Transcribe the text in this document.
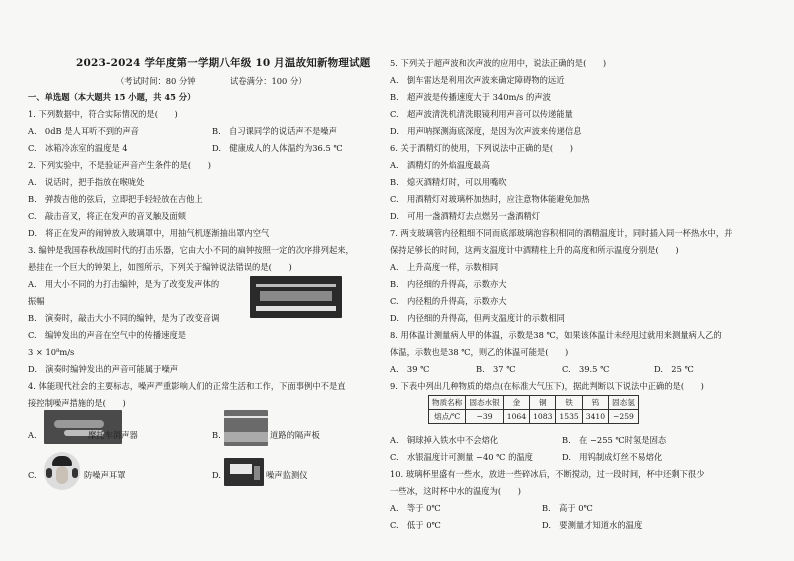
2023-2024 学年度第一学期八年级 10 月温故知新物理试题
（考试时间：80 分钟	试卷满分：100 分）
一、单选题（本大题共 15 小题，共 45 分）
1. 下列数据中，符合实际情况的是(　　)
A.　0dB 是人耳听不到的声音	B.　自习课同学的说话声不是噪声
C.　冰箱冷冻室的温度是 4	D.　健康成人的人体温约为36.5 ℃
2. 下列实验中，不是验证声音产生条件的是(　　)
A.　说话时，把手指放在喉咙处
B.　弹拨吉他的弦后，立即把手轻轻放在吉他上
C.　敲击音叉，将正在发声的音叉触及面颊
D.　将正在发声的闹钟放入玻璃罩中，用抽气机逐渐抽出罩内空气
3. 编钟是我国春秋战国时代的打击乐器，它由大小不同的扁钟按照一定的次序排列起来，
悬挂在一个巨大的钟架上，如图所示，下列关于编钟说法错误的是(　　)
A.　用大小不同的力打击编钟，是为了改变发声体的
振幅
B.　演奏时，敲击大小不同的编钟，是为了改变音调
C.　编钟发出的声音在空气中的传播速度是
3 × 10⁸m/s
D.　演奏时编钟发出的声音可能属于噪声
4. 体能现代社会的主要标志，噪声严重影响人们的正常生活和工作，下面事例中不是直
接控制噪声措施的是(　　)
A.	摩托车消声器	B.	道路的隔声板
C.	防噪声耳罩	D.	噪声监测仪
5. 下列关于超声波和次声波的应用中，说法正确的是(　　)
A.　倒车雷达是利用次声波来确定障碍物的远近
B.　超声波是传播速度大于 340m/s 的声波
C.　超声波清洗机清洗眼镜利用声音可以传递能量
D.　用声呐探测海底深度，是因为次声波来传递信息
6. 关于酒精灯的使用，下列说法中正确的是(　　)
A.　酒精灯的外焰温度最高
B.　熄灭酒精灯时，可以用嘴吹
C.　用酒精灯对玻璃杯加热时，应注意物体能避免加热
D.　可用一盏酒精灯去点燃另一盏酒精灯
7. 两支玻璃管内径粗细不同而底部玻璃泡容积相同的酒精温度计，同时插入同一杯热水中，并
保持足够长的时间，这两支温度计中酒精柱上升的高度和所示温度分别是(　　)
A.　上升高度一样，示数相同
B.　内径细的升得高，示数亦大
C.　内径粗的升得高，示数亦大
D.　内径细的升得高，但两支温度计的示数相同
8. 用体温计测量病人甲的体温，示数是38 ℃，如果该体温计未经甩过就用来测量病人乙的
体温，示数也是38 ℃，则乙的体温可能是(　　)
A.　39 ℃	B.　37 ℃	C.　39.5 ℃	D.　25 ℃
9. 下表中列出几种物质的熔点(在标准大气压下)，据此判断以下说法中正确的是(　　)
物质名称	固态水银	金	铜	铁	钨	固态氢
熔点/℃	−39	1064	1083	1535	3410	−259
A.　铜球掉入铁水中不会熔化	B.　在 −255 ℃时氢是固态
C.　水银温度计可测量 −40 ℃ 的温度	D.　用钨制成灯丝不易熔化
10. 玻璃杯里盛有一些水，放进一些碎冰后，不断搅动，过一段时间，杯中还剩下很少
一些冰，这时杯中水的温度为(　　)
A.　等于 0℃	B.　高于 0℃
C.　低于 0℃	D.　要测量才知道水的温度
